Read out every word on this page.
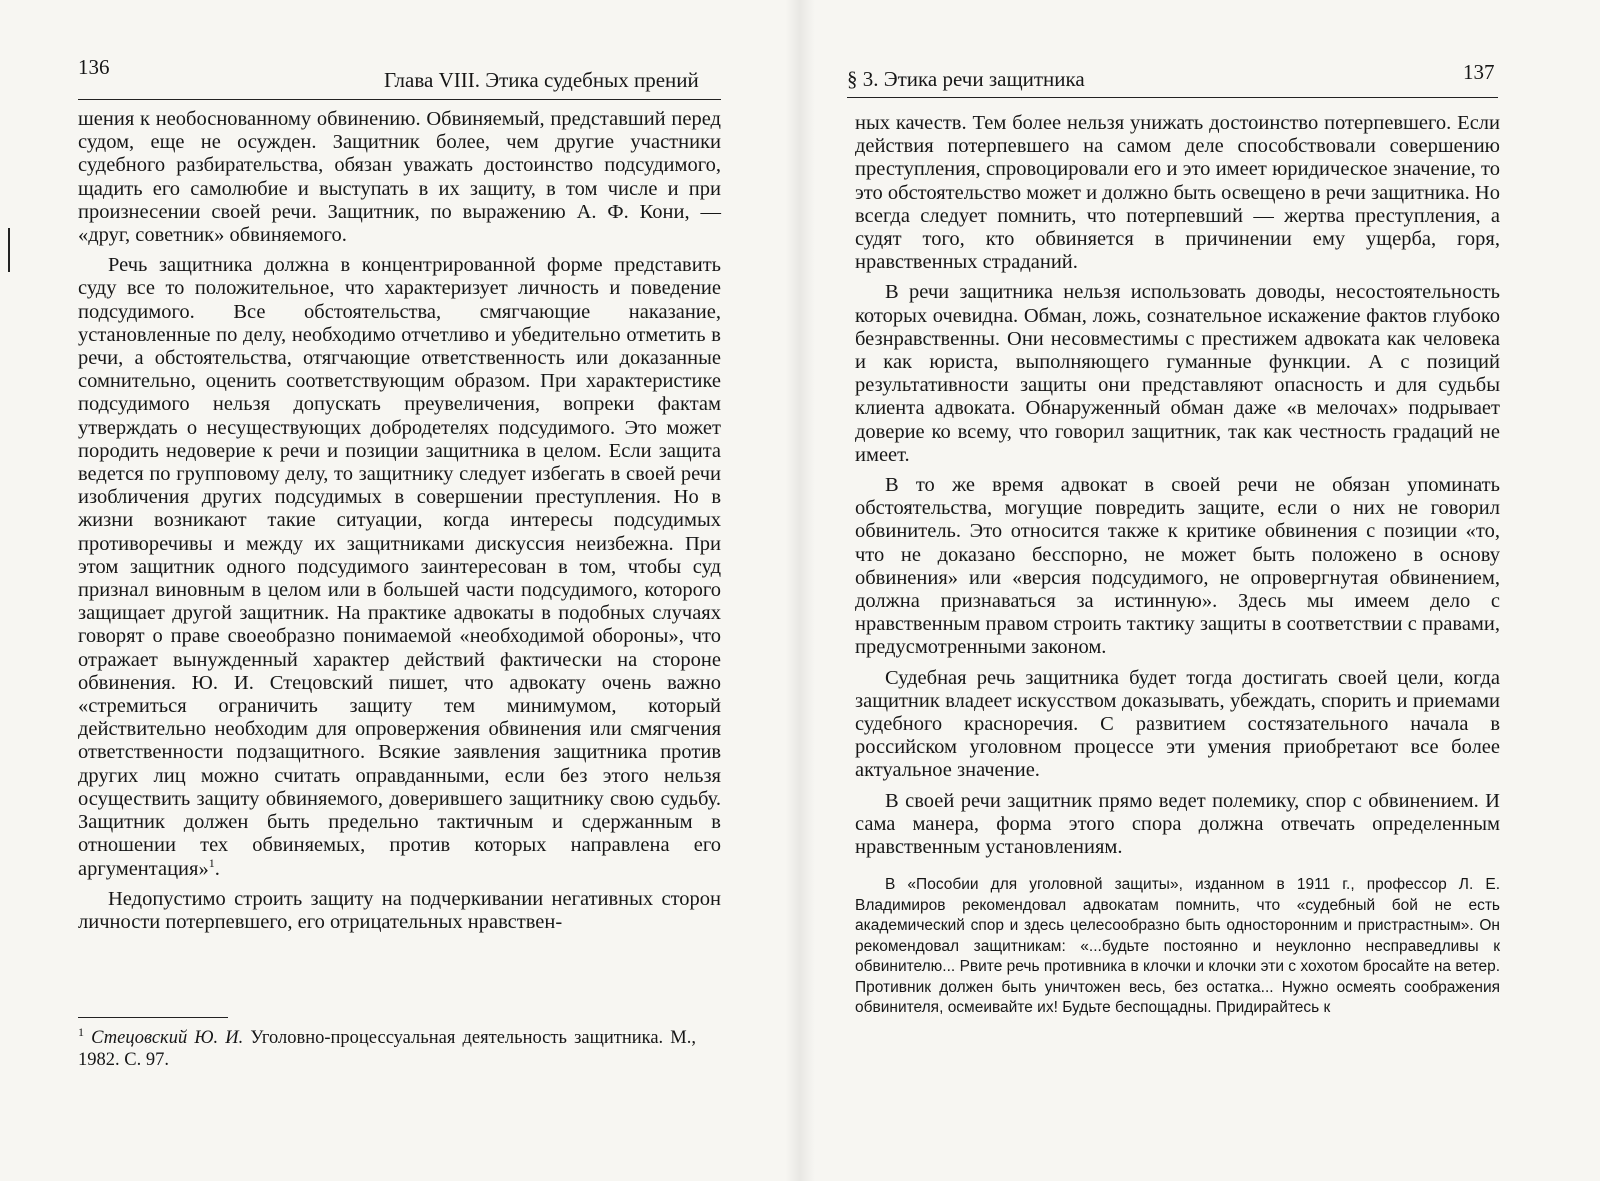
136
Глава VIII. Этика судебных прений

шения к необоснованному обвинению. Обвиняемый, представший перед судом, еще не осужден. Защитник более, чем другие участники судебного разбирательства, обязан уважать достоинство подсудимого, щадить его самолюбие и выступать в их защиту, в том числе и при произнесении своей речи. Защитник, по выражению А. Ф. Кони, — «друг, советник» обвиняемого.

Речь защитника должна в концентрированной форме представить суду все то положительное, что характеризует личность и поведение подсудимого. Все обстоятельства, смягчающие наказание, установленные по делу, необходимо отчетливо и убедительно отметить в речи, а обстоятельства, отягчающие ответственность или доказанные сомнительно, оценить соответствующим образом. При характеристике подсудимого нельзя допускать преувеличения, вопреки фактам утверждать о несуществующих добродетелях подсудимого. Это может породить недоверие к речи и позиции защитника в целом. Если защита ведется по групповому делу, то защитнику следует избегать в своей речи изобличения других подсудимых в совершении преступления. Но в жизни возникают такие ситуации, когда интересы подсудимых противоречивы и между их защитниками дискуссия неизбежна. При этом защитник одного подсудимого заинтересован в том, чтобы суд признал виновным в целом или в большей части подсудимого, которого защищает другой защитник. На практике адвокаты в подобных случаях говорят о праве своеобразно понимаемой «необходимой обороны», что отражает вынужденный характер действий фактически на стороне обвинения. Ю. И. Стецовский пишет, что адвокату очень важно «стремиться ограничить защиту тем минимумом, который действительно необходим для опровержения обвинения или смягчения ответственности подзащитного. Всякие заявления защитника против других лиц можно считать оправданными, если без этого нельзя осуществить защиту обвиняемого, доверившего защитнику свою судьбу. Защитник должен быть предельно тактичным и сдержанным в отношении тех обвиняемых, против которых направлена его аргументация»$^1$.

Недопустимо строить защиту на подчеркивании негативных сторон личности потерпевшего, его отрицательных нравствен-

$^1$ Стецовский Ю. И. Уголовно-процессуальная деятельность защитника. М., 1982. С. 97.

§ 3. Этика речи защитника	137

ных качеств. Тем более нельзя унижать достоинство потерпевшего. Если действия потерпевшего на самом деле способствовали совершению преступления, спровоцировали его и это имеет юридическое значение, то это обстоятельство может и должно быть освещено в речи защитника. Но всегда следует помнить, что потерпевший — жертва преступления, а судят того, кто обвиняется в причинении ему ущерба, горя, нравственных страданий.

В речи защитника нельзя использовать доводы, несостоятельность которых очевидна. Обман, ложь, сознательное искажение фактов глубоко безнравственны. Они несовместимы с престижем адвоката как человека и как юриста, выполняющего гуманные функции. А с позиций результативности защиты они представляют опасность и для судьбы клиента адвоката. Обнаруженный обман даже «в мелочах» подрывает доверие ко всему, что говорил защитник, так как честность градаций не имеет.

В то же время адвокат в своей речи не обязан упоминать обстоятельства, могущие повредить защите, если о них не говорил обвинитель. Это относится также к критике обвинения с позиции «то, что не доказано бесспорно, не может быть положено в основу обвинения» или «версия подсудимого, не опровергнутая обвинением, должна признаваться за истинную». Здесь мы имеем дело с нравственным правом строить тактику защиты в соответствии с правами, предусмотренными законом.

Судебная речь защитника будет тогда достигать своей цели, когда защитник владеет искусством доказывать, убеждать, спорить и приемами судебного красноречия. С развитием состязательного начала в российском уголовном процессе эти умения приобретают все более актуальное значение.

В своей речи защитник прямо ведет полемику, спор с обвинением. И сама манера, форма этого спора должна отвечать определенным нравственным установлениям.

В «Пособии для уголовной защиты», изданном в 1911 г., профессор Л. Е. Владимиров рекомендовал адвокатам помнить, что «судебный бой не есть академический спор и здесь целесообразно быть односторонним и пристрастным». Он рекомендовал защитникам: «...будьте постоянно и неуклонно несправедливы к обвинителю... Рвите речь противника в клочки и клочки эти с хохотом бросайте на ветер. Противник должен быть уничтожен весь, без остатка... Нужно осмеять соображения обвинителя, осмеивайте их! Будьте беспощадны. Придирайтесь к
